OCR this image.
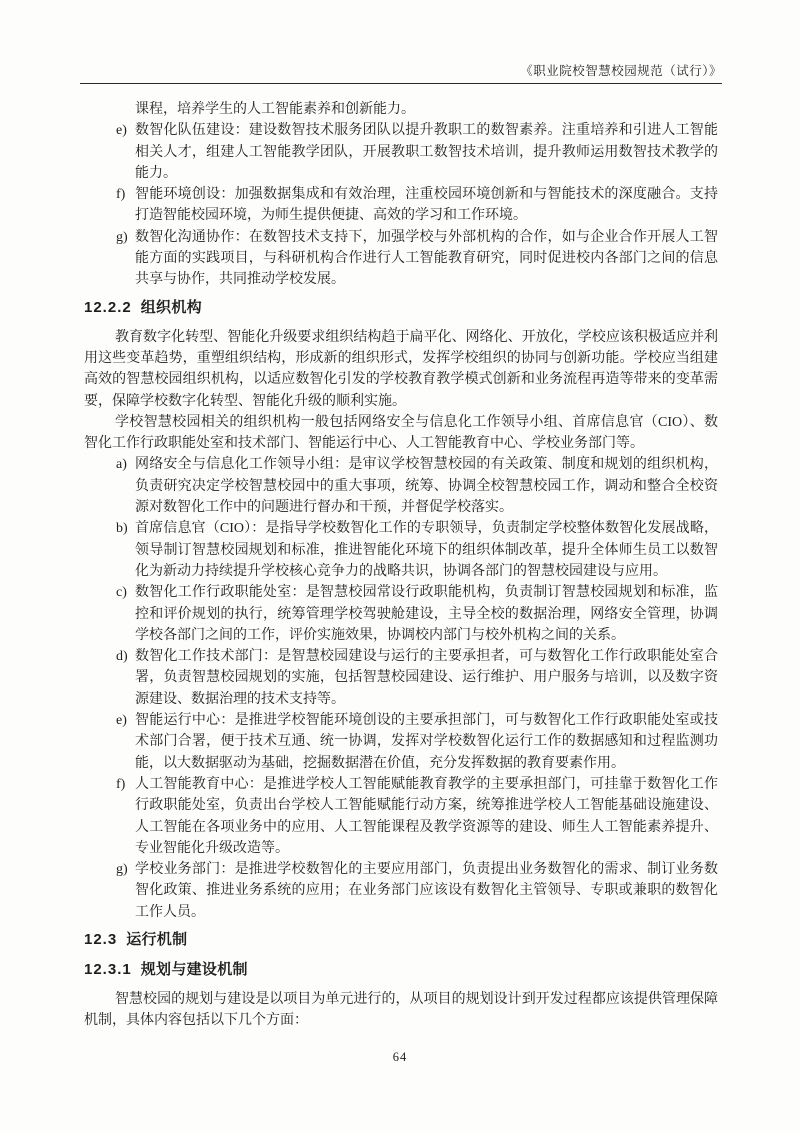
《职业院校智慧校园规范（试行）》

课程，培养学生的人工智能素养和创新能力。

e) 数智化队伍建设：建设数智技术服务团队以提升教职工的数智素养。注重培养和引进人工智能相关人才，组建人工智能教学团队，开展教职工数智技术培训，提升教师运用数智技术教学的能力。
f) 智能环境创设：加强数据集成和有效治理，注重校园环境创新和与智能技术的深度融合。支持打造智能校园环境，为师生提供便捷、高效的学习和工作环境。
g) 数智化沟通协作：在数智技术支持下，加强学校与外部机构的合作，如与企业合作开展人工智能方面的实践项目，与科研机构合作进行人工智能教育研究，同时促进校内各部门之间的信息共享与协作，共同推动学校发展。
12.2.2 组织机构

教育数字化转型、智能化升级要求组织结构趋于扁平化、网络化、开放化，学校应该积极适应并利用这些变革趋势，重塑组织结构，形成新的组织形式，发挥学校组织的协同与创新功能。学校应当组建高效的智慧校园组织机构，以适应数智化引发的学校教育教学模式创新和业务流程再造等带来的变革需要，保障学校数字化转型、智能化升级的顺利实施。

学校智慧校园相关的组织机构一般包括网络安全与信息化工作领导小组、首席信息官（CIO）、数智化工作行政职能处室和技术部门、智能运行中心、人工智能教育中心、学校业务部门等。

a) 网络安全与信息化工作领导小组：是审议学校智慧校园的有关政策、制度和规划的组织机构，负责研究决定学校智慧校园中的重大事项，统筹、协调全校智慧校园工作，调动和整合全校资源对数智化工作中的问题进行督办和干预，并督促学校落实。
b) 首席信息官（CIO）：是指导学校数智化工作的专职领导，负责制定学校整体数智化发展战略，领导制订智慧校园规划和标准，推进智能化环境下的组织体制改革，提升全体师生员工以数智化为新动力持续提升学校核心竞争力的战略共识，协调各部门的智慧校园建设与应用。
c) 数智化工作行政职能处室：是智慧校园常设行政职能机构，负责制订智慧校园规划和标准，监控和评价规划的执行，统筹管理学校驾驶舱建设，主导全校的数据治理，网络安全管理，协调学校各部门之间的工作，评价实施效果，协调校内部门与校外机构之间的关系。
d) 数智化工作技术部门：是智慧校园建设与运行的主要承担者，可与数智化工作行政职能处室合署，负责智慧校园规划的实施，包括智慧校园建设、运行维护、用户服务与培训，以及数字资源建设、数据治理的技术支持等。
e) 智能运行中心：是推进学校智能环境创设的主要承担部门，可与数智化工作行政职能处室或技术部门合署，便于技术互通、统一协调，发挥对学校数智化运行工作的数据感知和过程监测功能，以大数据驱动为基础，挖掘数据潜在价值，充分发挥数据的教育要素作用。
f) 人工智能教育中心：是推进学校人工智能赋能教育教学的主要承担部门，可挂靠于数智化工作行政职能处室，负责出台学校人工智能赋能行动方案，统筹推进学校人工智能基础设施建设、人工智能在各项业务中的应用、人工智能课程及教学资源等的建设、师生人工智能素养提升、专业智能化升级改造等。
g) 学校业务部门：是推进学校数智化的主要应用部门，负责提出业务数智化的需求、制订业务数智化政策、推进业务系统的应用；在业务部门应该设有数智化主管领导、专职或兼职的数智化工作人员。
12.3 运行机制
12.3.1 规划与建设机制

智慧校园的规划与建设是以项目为单元进行的，从项目的规划设计到开发过程都应该提供管理保障机制，具体内容包括以下几个方面：

64
